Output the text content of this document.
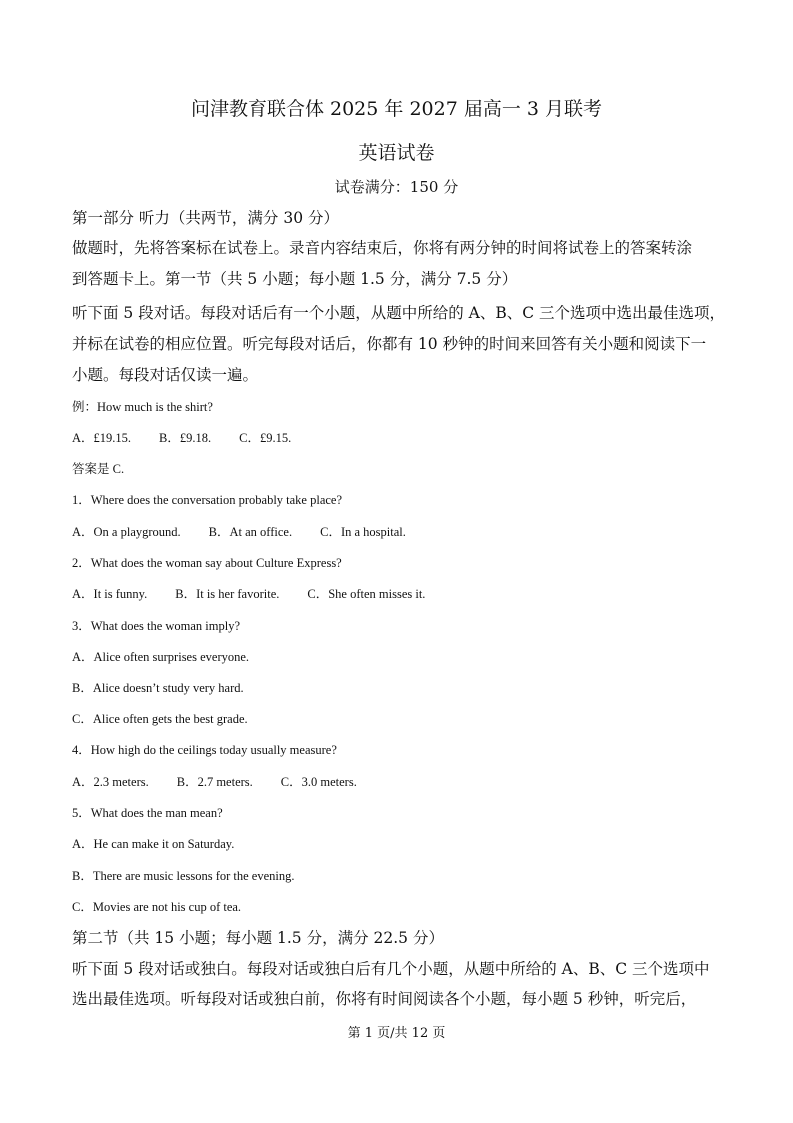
问津教育联合体 2025 年 2027 届高一 3 月联考
英语试卷
试卷满分：150 分
第一部分 听力（共两节，满分 30 分）
做题时，先将答案标在试卷上。录音内容结束后，你将有两分钟的时间将试卷上的答案转涂
到答题卡上。第一节（共 5 小题；每小题 1.5 分，满分 7.5 分）
听下面 5 段对话。每段对话后有一个小题，从题中所给的 A、B、C 三个选项中选出最佳选项，
并标在试卷的相应位置。听完每段对话后，你都有 10 秒钟的时间来回答有关小题和阅读下一
小题。每段对话仅读一遍。
例：How much is the shirt?
A．£19.15. B．£9.18. C．£9.15.
答案是 C.
1．Where does the conversation probably take place?
A．On a playground. B．At an office. C．In a hospital.
2．What does the woman say about Culture Express?
A．It is funny. B．It is her favorite. C．She often misses it.
3．What does the woman imply?
A．Alice often surprises everyone.
B．Alice doesn’t study very hard.
C．Alice often gets the best grade.
4．How high do the ceilings today usually measure?
A．2.3 meters. B．2.7 meters. C．3.0 meters.
5．What does the man mean?
A．He can make it on Saturday.
B．There are music lessons for the evening.
C．Movies are not his cup of tea.
第二节（共 15 小题；每小题 1.5 分，满分 22.5 分）
听下面 5 段对话或独白。每段对话或独白后有几个小题，从题中所给的 A、B、C 三个选项中
选出最佳选项。听每段对话或独白前，你将有时间阅读各个小题，每小题 5 秒钟，听完后，
第 1 页/共 12 页
